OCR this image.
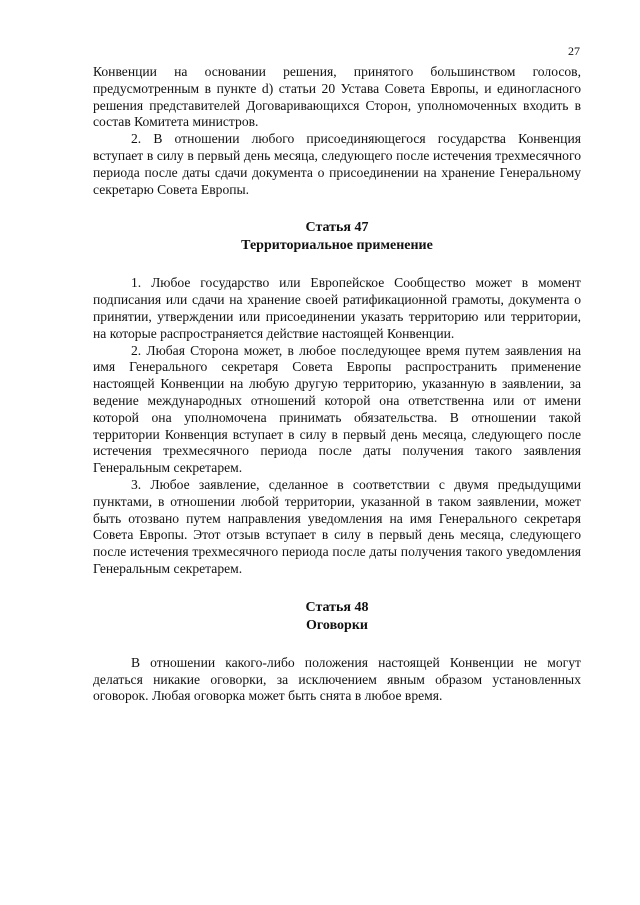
27

Конвенции на основании решения, принятого большинством голосов, предусмотренным в пункте d) статьи 20 Устава Совета Европы, и единогласного решения представителей Договаривающихся Сторон, уполномоченных входить в состав Комитета министров.

2. В отношении любого присоединяющегося государства Конвенция вступает в силу в первый день месяца, следующего после истечения трехмесячного периода после даты сдачи документа о присоединении на хранение Генеральному секретарю Совета Европы.

Статья 47

Территориальное применение

1. Любое государство или Европейское Сообщество может в момент подписания или сдачи на хранение своей ратификационной грамоты, документа о принятии, утверждении или присоединении указать территорию или территории, на которые распространяется действие настоящей Конвенции.

2. Любая Сторона может, в любое последующее время путем заявления на имя Генерального секретаря Совета Европы распространить применение настоящей Конвенции на любую другую территорию, указанную в заявлении, за ведение международных отношений которой она ответственна или от имени которой она уполномочена принимать обязательства. В отношении такой территории Конвенция вступает в силу в первый день месяца, следующего после истечения трехмесячного периода после даты получения такого заявления Генеральным секретарем.

3. Любое заявление, сделанное в соответствии с двумя предыдущими пунктами, в отношении любой территории, указанной в таком заявлении, может быть отозвано путем направления уведомления на имя Генерального секретаря Совета Европы. Этот отзыв вступает в силу в первый день месяца, следующего после истечения трехмесячного периода после даты получения такого уведомления Генеральным секретарем.

Статья 48

Оговорки

В отношении какого-либо положения настоящей Конвенции не могут делаться никакие оговорки, за исключением явным образом установленных оговорок. Любая оговорка может быть снята в любое время.
